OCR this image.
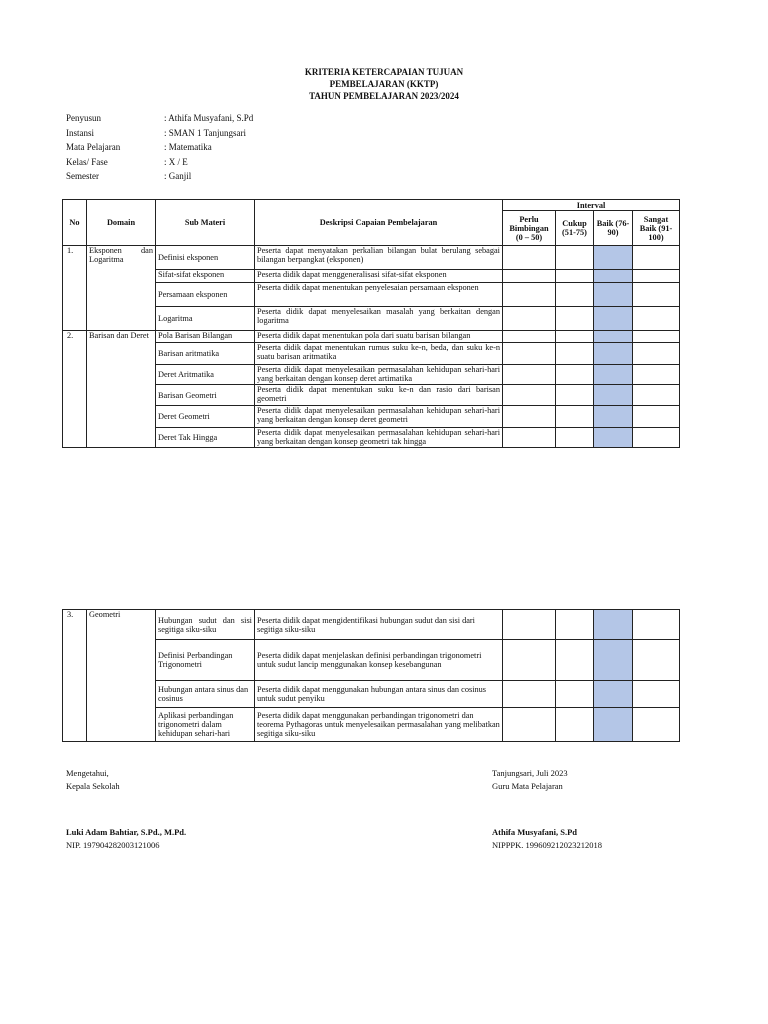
KRITERIA KETERCAPAIAN TUJUAN
PEMBELAJARAN (KKTP)
TAHUN PEMBELAJARAN 2023/2024
Penyusun	: Athifa Musyafani, S.Pd
Instansi	: SMAN 1 Tanjungsari
Mata Pelajaran	: Matematika
Kelas/ Fase	: X / E
Semester	: Ganjil
No	Domain	Sub Materi	Deskripsi Capaian Pembelajaran	Interval			
				Perlu Bimbingan (0 – 50)	Cukup (51-75)	Baik (76-90)	Sangat Baik (91-100)
1.	Eksponen dan Logaritma	Definisi eksponen	Peserta dapat menyatakan perkalian bilangan bulat berulang sebagai bilangan berpangkat (eksponen)				
		Sifat-sifat eksponen	Peserta didik dapat menggeneralisasi sifat-sifat eksponen				
		Persamaan eksponen	Peserta didik dapat menentukan penyelesaian persamaan eksponen				
		Logaritma	Peserta didik dapat menyelesaikan masalah yang berkaitan dengan logaritma				
2.	Barisan dan Deret	Pola Barisan Bilangan	Peserta didik dapat menentukan pola dari suatu barisan bilangan				
		Barisan aritmatika	Peserta didik dapat menentukan rumus suku ke-n, beda, dan suku ke-n suatu barisan aritmatika				
		Deret Aritmatika	Peserta didik dapat menyelesaikan permasalahan kehidupan sehari-hari yang berkaitan dengan konsep deret artimatika				
		Barisan Geometri	Peserta didik dapat menentukan suku ke-n dan rasio dari barisan geometri				
		Deret Geometri	Peserta didik dapat menyelesaikan permasalahan kehidupan sehari-hari yang berkaitan dengan konsep deret geometri				
		Deret Tak Hingga	Peserta didik dapat menyelesaikan permasalahan kehidupan sehari-hari yang berkaitan dengan konsep geometri tak hingga				
3.	Geometri	Hubungan sudut dan sisi segitiga siku-siku	Peserta didik dapat mengidentifikasi hubungan sudut dan sisi dari segitiga siku-siku				
		Definisi Perbandingan Trigonometri	Peserta didik dapat menjelaskan definisi perbandingan trigonometri untuk sudut lancip menggunakan konsep kesebangunan				
		Hubungan antara sinus dan cosinus	Peserta didik dapat menggunakan hubungan antara sinus dan cosinus untuk sudut penyiku				
		Aplikasi perbandingan trigonometri dalam kehidupan sehari-hari	Peserta didik dapat menggunakan perbandingan trigonometri dan teorema Pythagoras untuk menyelesaikan permasalahan yang melibatkan segitiga siku-siku				
Mengetahui,
Kepala Sekolah
Luki Adam Bahtiar, S.Pd., M.Pd.
NIP. 197904282003121006
Tanjungsari, Juli 2023
Guru Mata Pelajaran
Athifa Musyafani, S.Pd
NIPPPK. 199609212023212018
